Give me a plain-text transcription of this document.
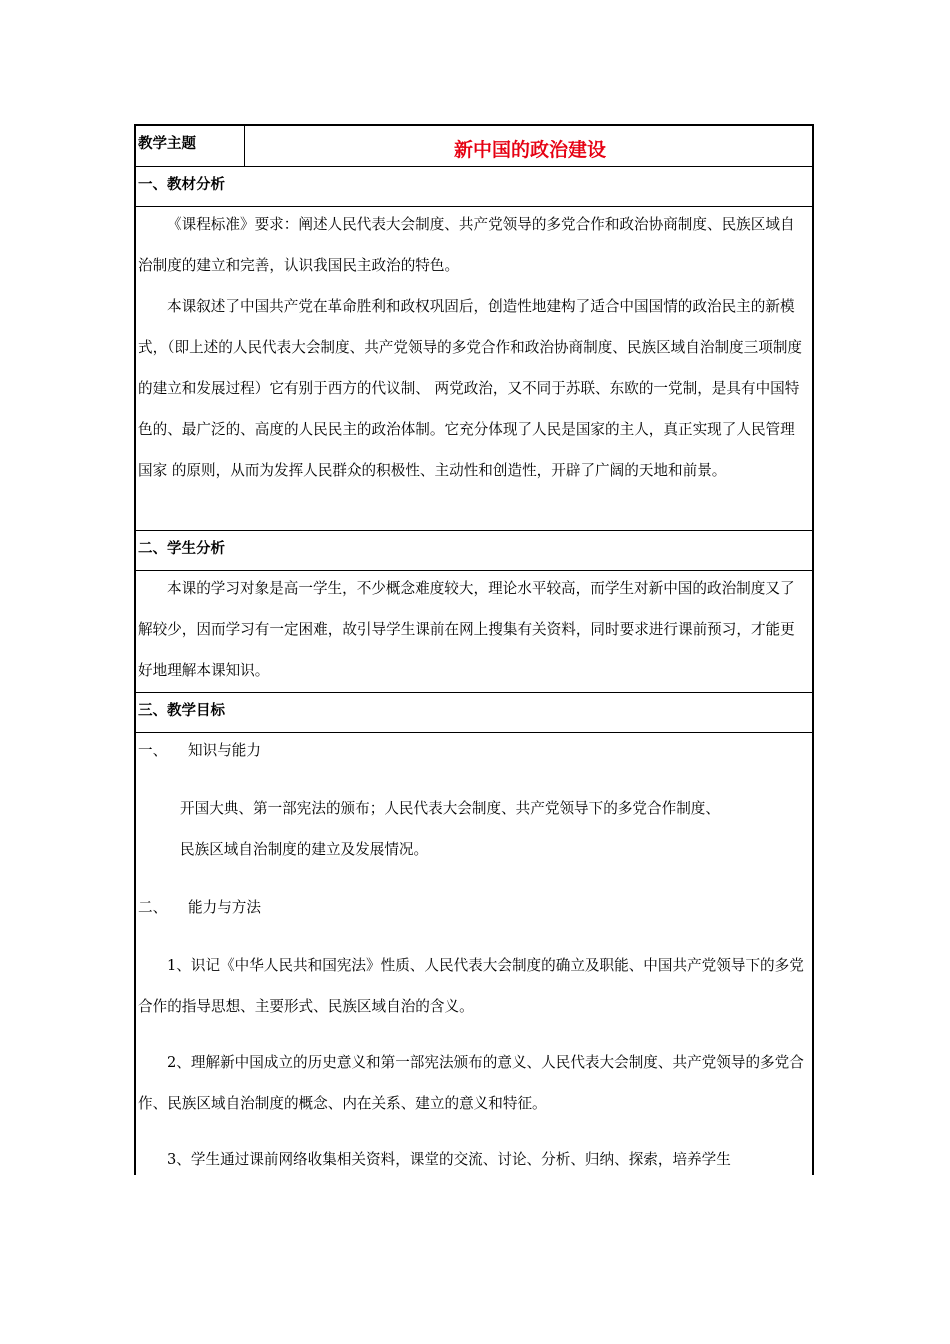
教学主题	新中国的政治建设
一、教材分析
《课程标准》要求：阐述人民代表大会制度、共产党领导的多党合作和政治协商制度、民族区域自治制度的建立和完善，认识我国民主政治的特色。
本课叙述了中国共产党在革命胜利和政权巩固后，创造性地建构了适合中国国情的政治民主的新模式，（即上述的人民代表大会制度、共产党领导的多党合作和政治协商制度、民族区域自治制度三项制度的建立和发展过程）它有别于西方的代议制、 两党政治，又不同于苏联、东欧的一党制，是具有中国特色的、最广泛的、高度的人民民主的政治体制。它充分体现了人民是国家的主人，真正实现了人民管理国家 的原则，从而为发挥人民群众的积极性、主动性和创造性，开辟了广阔的天地和前景。
二、学生分析
本课的学习对象是高一学生，不少概念难度较大，理论水平较高，而学生对新中国的政治制度又了解较少，因而学习有一定困难，故引导学生课前在网上搜集有关资料，同时要求进行课前预习，才能更好地理解本课知识。
三、教学目标
一、 知识与能力
开国大典、第一部宪法的颁布；人民代表大会制度、共产党领导下的多党合作制度、
民族区域自治制度的建立及发展情况。
二、 能力与方法
1、识记《中华人民共和国宪法》性质、人民代表大会制度的确立及职能、中国共产党领导下的多党合作的指导思想、主要形式、民族区域自治的含义。
2、理解新中国成立的历史意义和第一部宪法颁布的意义、人民代表大会制度、共产党领导的多党合作、民族区域自治制度的概念、内在关系、建立的意义和特征。
3、学生通过课前网络收集相关资料，课堂的交流、讨论、分析、归纳、探索，培养学生
